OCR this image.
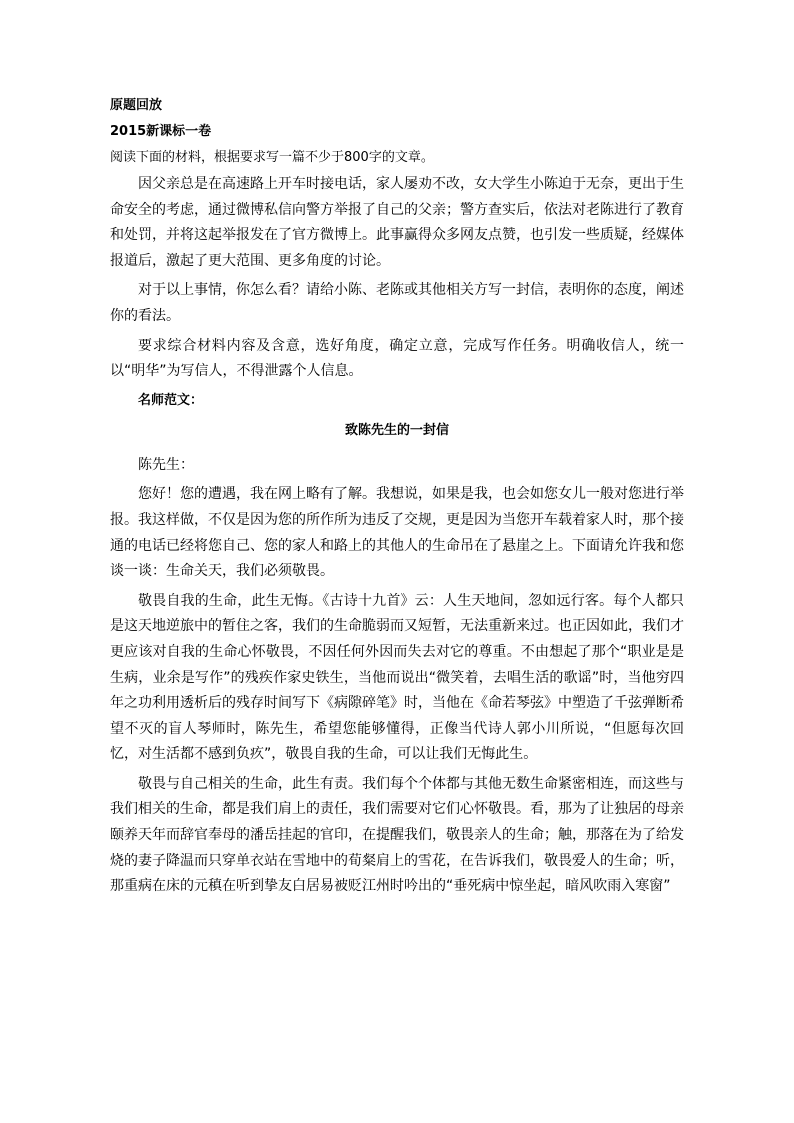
原题回放
2015新课标一卷
阅读下面的材料，根据要求写一篇不少于800字的文章。

因父亲总是在高速路上开车时接电话，家人屡劝不改，女大学生小陈迫于无奈，更出于生命安全的考虑，通过微博私信向警方举报了自己的父亲；警方查实后，依法对老陈进行了教育和处罚，并将这起举报发在了官方微博上。此事赢得众多网友点赞，也引发一些质疑，经媒体报道后，激起了更大范围、更多角度的讨论。

对于以上事情，你怎么看？请给小陈、老陈或其他相关方写一封信，表明你的态度，阐述你的看法。

要求综合材料内容及含意，选好角度，确定立意，完成写作任务。明确收信人，统一以“明华”为写信人，不得泄露个人信息。

名师范文：
致陈先生的一封信

陈先生：

您好！您的遭遇，我在网上略有了解。我想说，如果是我，也会如您女儿一般对您进行举报。我这样做，不仅是因为您的所作所为违反了交规，更是因为当您开车载着家人时，那个接通的电话已经将您自己、您的家人和路上的其他人的生命吊在了悬崖之上。下面请允许我和您谈一谈：生命关天，我们必须敬畏。

敬畏自我的生命，此生无悔。《古诗十九首》云：人生天地间，忽如远行客。每个人都只是这天地逆旅中的暂住之客，我们的生命脆弱而又短暂，无法重新来过。也正因如此，我们才更应该对自我的生命心怀敬畏，不因任何外因而失去对它的尊重。不由想起了那个“职业是是生病，业余是写作”的残疾作家史铁生，当他而说出“微笑着，去唱生活的歌谣”时，当他穷四年之功利用透析后的残存时间写下《病隙碎笔》时，当他在《命若琴弦》中塑造了千弦弹断希望不灭的盲人琴师时，陈先生，希望您能够懂得，正像当代诗人郭小川所说，“但愿每次回忆，对生活都不感到负疚”，敬畏自我的生命，可以让我们无悔此生。

敬畏与自己相关的生命，此生有责。我们每个个体都与其他无数生命紧密相连，而这些与我们相关的生命，都是我们肩上的责任，我们需要对它们心怀敬畏。看，那为了让独居的母亲颐养天年而辞官奉母的潘岳挂起的官印，在提醒我们，敬畏亲人的生命；触，那落在为了给发烧的妻子降温而只穿单衣站在雪地中的荀粲肩上的雪花，在告诉我们，敬畏爱人的生命；听，那重病在床的元稹在听到挚友白居易被贬江州时吟出的“垂死病中惊坐起，暗风吹雨入寒窗”
